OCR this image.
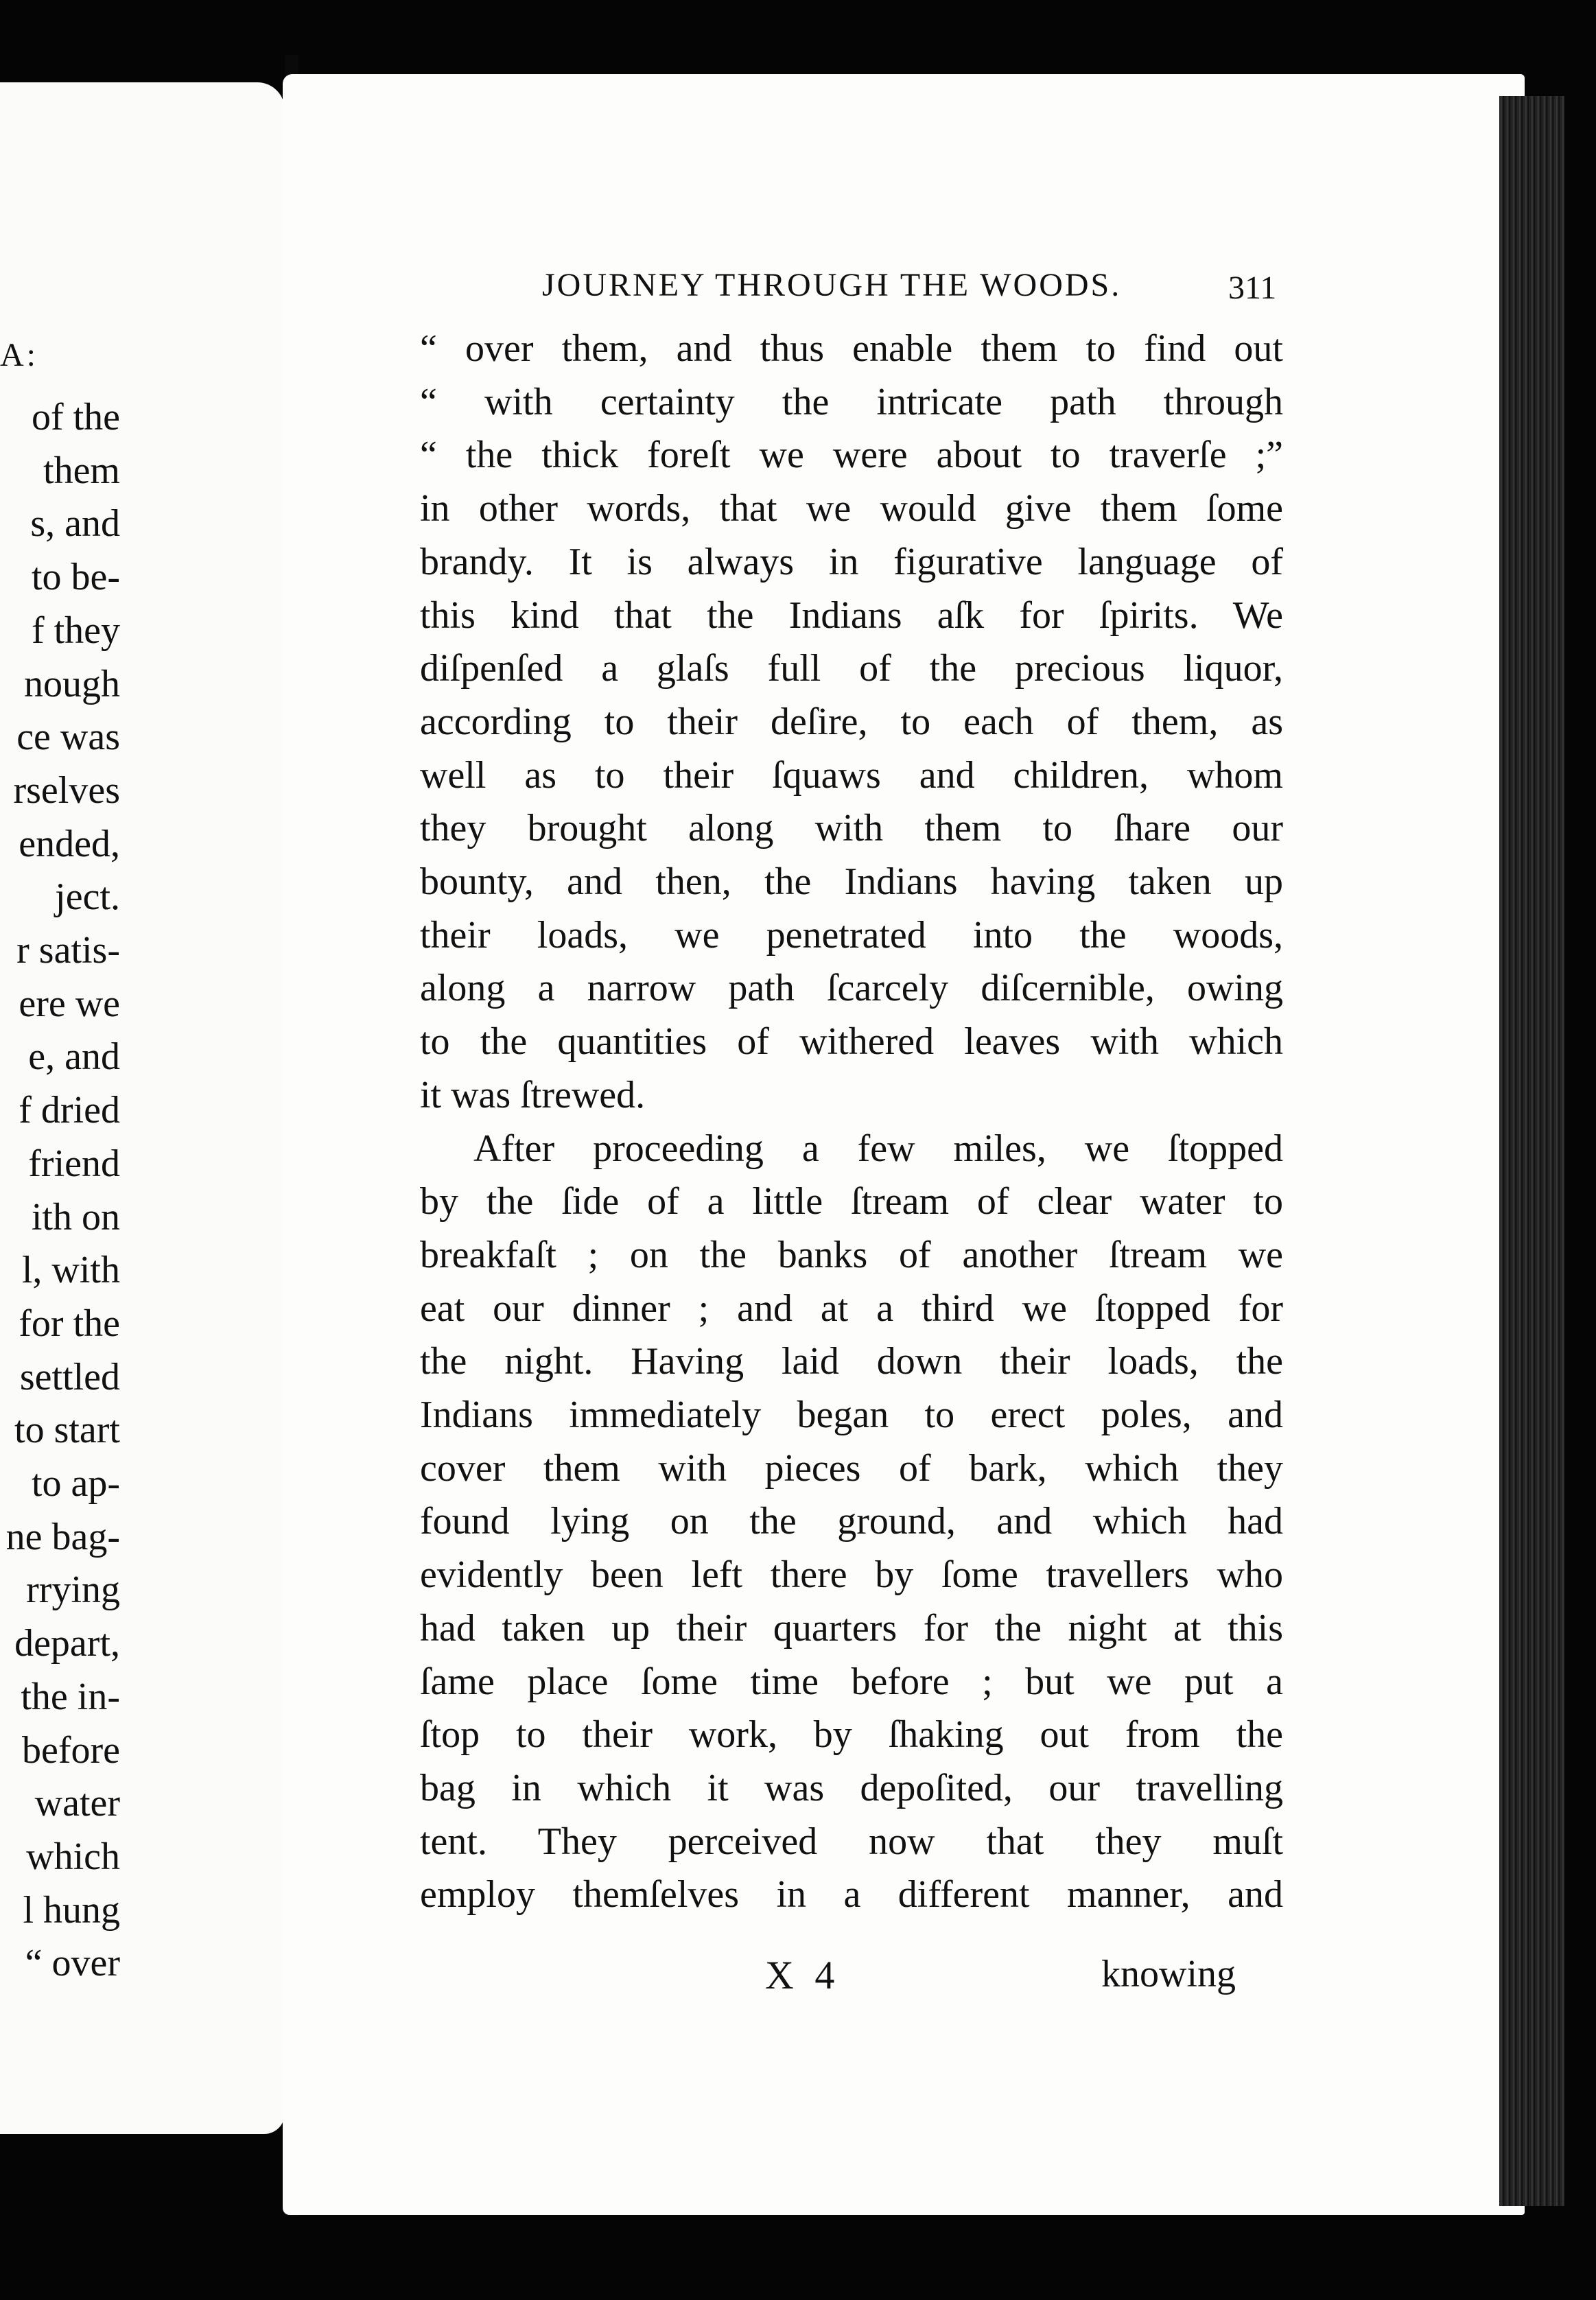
A:
of the
them
s, and
to be-
f they
nough
ce was
rselves
ended,
ject.
r satis-
ere we
e, and
f dried
friend
ith on
l, with
for the
settled
to start
to ap-
ne bag-
rrying
depart,
the in-
before
water
which
l hung
“ over
JOURNEY THROUGH THE WOODS.	311
“ over them, and thus enable them to find out
“ with certainty the intricate path through
“ the thick foreſt we were about to traverſe ;”
in other words, that we would give them ſome
brandy. It is always in figurative language of
this kind that the Indians aſk for ſpirits. We
diſpenſed a glaſs full of the precious liquor,
according to their deſire, to each of them, as
well as to their ſquaws and children, whom
they brought along with them to ſhare our
bounty, and then, the Indians having taken up
their loads, we penetrated into the woods,
along a narrow path ſcarcely diſcernible, owing
to the quantities of withered leaves with which
it was ſtrewed.
After proceeding a few miles, we ſtopped
by the ſide of a little ſtream of clear water to
breakfaſt ; on the banks of another ſtream we
eat our dinner ; and at a third we ſtopped for
the night. Having laid down their loads, the
Indians immediately began to erect poles, and
cover them with pieces of bark, which they
found lying on the ground, and which had
evidently been left there by ſome travellers who
had taken up their quarters for the night at this
ſame place ſome time before ; but we put a
ſtop to their work, by ſhaking out from the
bag in which it was depoſited, our travelling
tent. They perceived now that they muſt
employ themſelves in a different manner, and
X 4	knowing
